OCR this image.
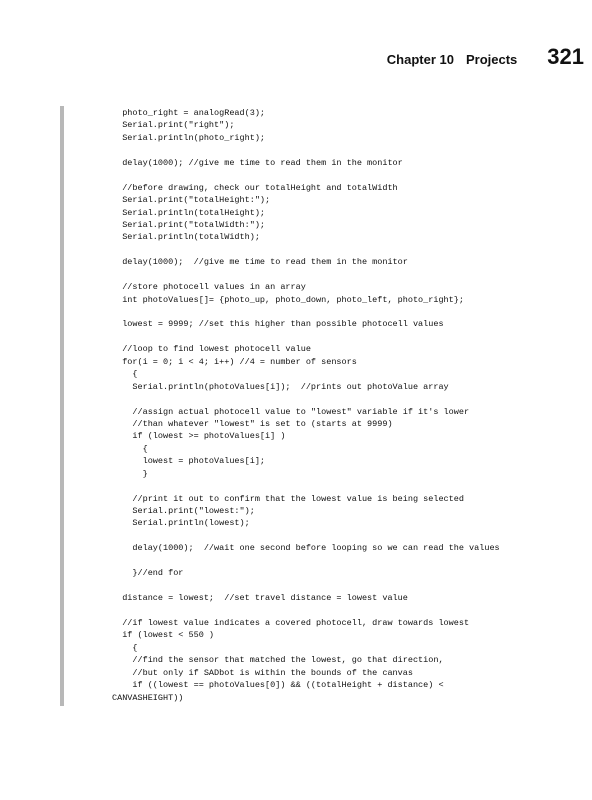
Chapter 10 Projects 321
photo_right = analogRead(3);
Serial.print("right");
Serial.println(photo_right);
delay(1000); //give me time to read them in the monitor
//before drawing, check our totalHeight and totalWidth
Serial.print("totalHeight:");
Serial.println(totalHeight);
Serial.print("totalWidth:");
Serial.println(totalWidth);
delay(1000);  //give me time to read them in the monitor
//store photocell values in an array
int photoValues[]= {photo_up, photo_down, photo_left, photo_right};
lowest = 9999; //set this higher than possible photocell values
//loop to find lowest photocell value
for(i = 0; i < 4; i++) //4 = number of sensors
{
Serial.println(photoValues[i]);  //prints out photoValue array
//assign actual photocell value to "lowest" variable if it's lower
//than whatever "lowest" is set to (starts at 9999)
if (lowest >= photoValues[i] )
{
lowest = photoValues[i];
}
//print it out to confirm that the lowest value is being selected
Serial.print("lowest:");
Serial.println(lowest);
delay(1000);  //wait one second before looping so we can read the values
}//end for
distance = lowest;  //set travel distance = lowest value
//if lowest value indicates a covered photocell, draw towards lowest
if (lowest < 550 )
{
//find the sensor that matched the lowest, go that direction,
//but only if SADbot is within the bounds of the canvas
if ((lowest == photoValues[0]) && ((totalHeight + distance) <
CANVASHEIGHT))
